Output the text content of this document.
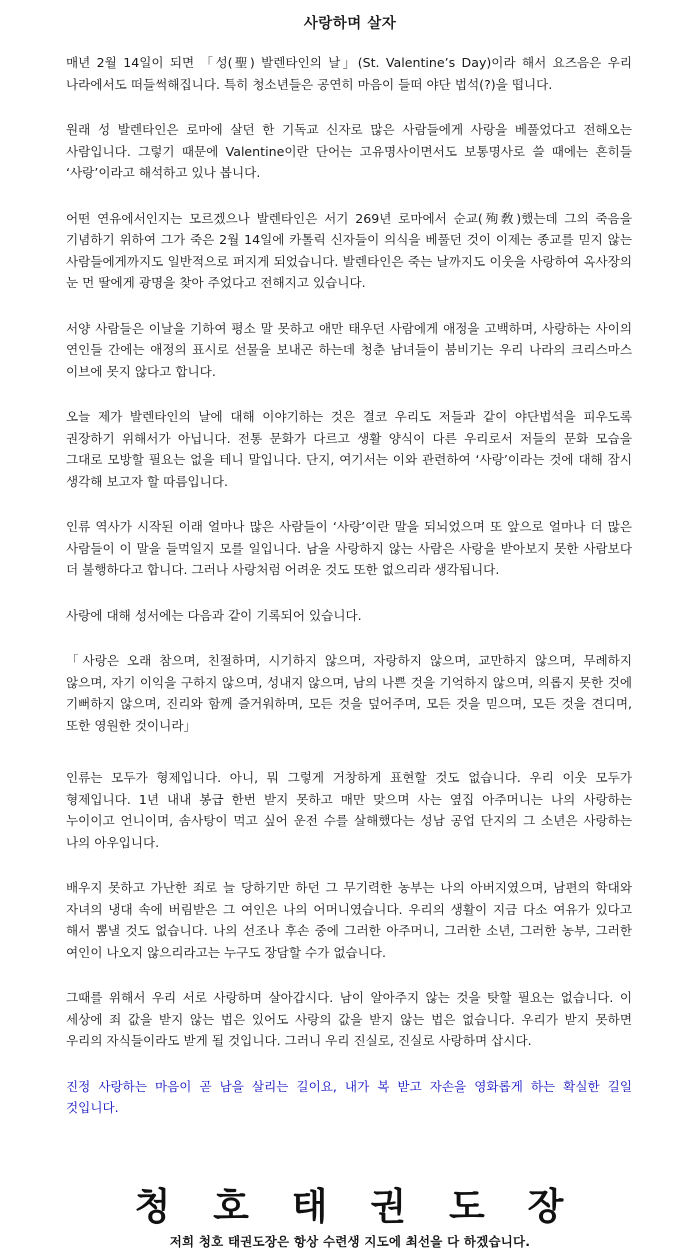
사랑하며 살자

매년 2월 14일이 되면 「성(聖) 발렌타인의 날」(St. Valentine’s Day)이라 해서 요즈음은 우리 나라에서도 떠들썩해집니다. 특히 청소년들은 공연히 마음이 들떠 야단 법석(?)을 떱니다.

원래 성 발렌타인은 로마에 살던 한 기독교 신자로 많은 사람들에게 사랑을 베풀었다고 전해오는 사람입니다. 그렇기 때문에 Valentine이란 단어는 고유명사이면서도 보통명사로 쓸 때에는 흔히들 ‘사랑’이라고 해석하고 있나 봅니다.

어떤 연유에서인지는 모르겠으나 발렌타인은 서기 269년 로마에서 순교(殉敎)했는데 그의 죽음을 기념하기 위하여 그가 죽은 2월 14일에 카톨릭 신자들이 의식을 베풀던 것이 이제는 종교를 믿지 않는 사람들에게까지도 일반적으로 퍼지게 되었습니다. 발렌타인은 죽는 날까지도 이웃을 사랑하여 옥사장의 눈 먼 딸에게 광명을 찾아 주었다고 전해지고 있습니다.

서양 사람들은 이날을 기하여 평소 말 못하고 애만 태우던 사람에게 애정을 고백하며, 사랑하는 사이의 연인들 간에는 애정의 표시로 선물을 보내곤 하는데 청춘 남녀들이 붐비기는 우리 나라의 크리스마스 이브에 못지 않다고 합니다.

오늘 제가 발렌타인의 날에 대해 이야기하는 것은 결코 우리도 저들과 같이 야단법석을 피우도록 권장하기 위해서가 아닙니다. 전통 문화가 다르고 생활 양식이 다른 우리로서 저들의 문화 모습을 그대로 모방할 필요는 없을 테니 말입니다. 단지, 여기서는 이와 관련하여 ‘사랑’이라는 것에 대해 잠시 생각해 보고자 할 따름입니다.

인류 역사가 시작된 이래 얼마나 많은 사람들이 ‘사랑’이란 말을 되뇌었으며 또 앞으로 얼마나 더 많은 사람들이 이 말을 들먹일지 모를 일입니다. 남을 사랑하지 않는 사람은 사랑을 받아보지 못한 사람보다 더 불행하다고 합니다. 그러나 사랑처럼 어려운 것도 또한 없으리라 생각됩니다.

사랑에 대해 성서에는 다음과 같이 기록되어 있습니다.

「사랑은 오래 참으며, 친절하며, 시기하지 않으며, 자랑하지 않으며, 교만하지 않으며, 무례하지 않으며, 자기 이익을 구하지 않으며, 성내지 않으며, 남의 나쁜 것을 기억하지 않으며, 의롭지 못한 것에 기뻐하지 않으며, 진리와 함께 즐거워하며, 모든 것을 덮어주며, 모든 것을 믿으며, 모든 것을 견디며, 또한 영원한 것이니라」

인류는 모두가 형제입니다. 아니, 뭐 그렇게 거창하게 표현할 것도 없습니다. 우리 이웃 모두가 형제입니다. 1년 내내 봉급 한번 받지 못하고 매만 맞으며 사는 옆집 아주머니는 나의 사랑하는 누이이고 언니이며, 솜사탕이 먹고 싶어 운전 수를 살해했다는 성남 공업 단지의 그 소년은 사랑하는 나의 아우입니다.

배우지 못하고 가난한 죄로 늘 당하기만 하던 그 무기력한 농부는 나의 아버지였으며, 남편의 학대와 자녀의 냉대 속에 버림받은 그 여인은 나의 어머니였습니다. 우리의 생활이 지금 다소 여유가 있다고 해서 뽐낼 것도 없습니다. 나의 선조나 후손 중에 그러한 아주머니, 그러한 소년, 그러한 농부, 그러한 여인이 나오지 않으리라고는 누구도 장담할 수가 없습니다.

그때를 위해서 우리 서로 사랑하며 살아갑시다. 남이 알아주지 않는 것을 탓할 필요는 없습니다. 이 세상에 죄 값을 받지 않는 법은 있어도 사랑의 값을 받지 않는 법은 없습니다. 우리가 받지 못하면 우리의 자식들이라도 받게 될 것입니다. 그러니 우리 진실로, 진실로 사랑하며 삽시다.

진정 사랑하는 마음이 곧 남을 살리는 길이요, 내가 복 받고 자손을 영화롭게 하는 확실한 길일 것입니다.

청 호 태 권 도 장
저희 청호 태권도장은 항상 수련생 지도에 최선을 다 하겠습니다.
